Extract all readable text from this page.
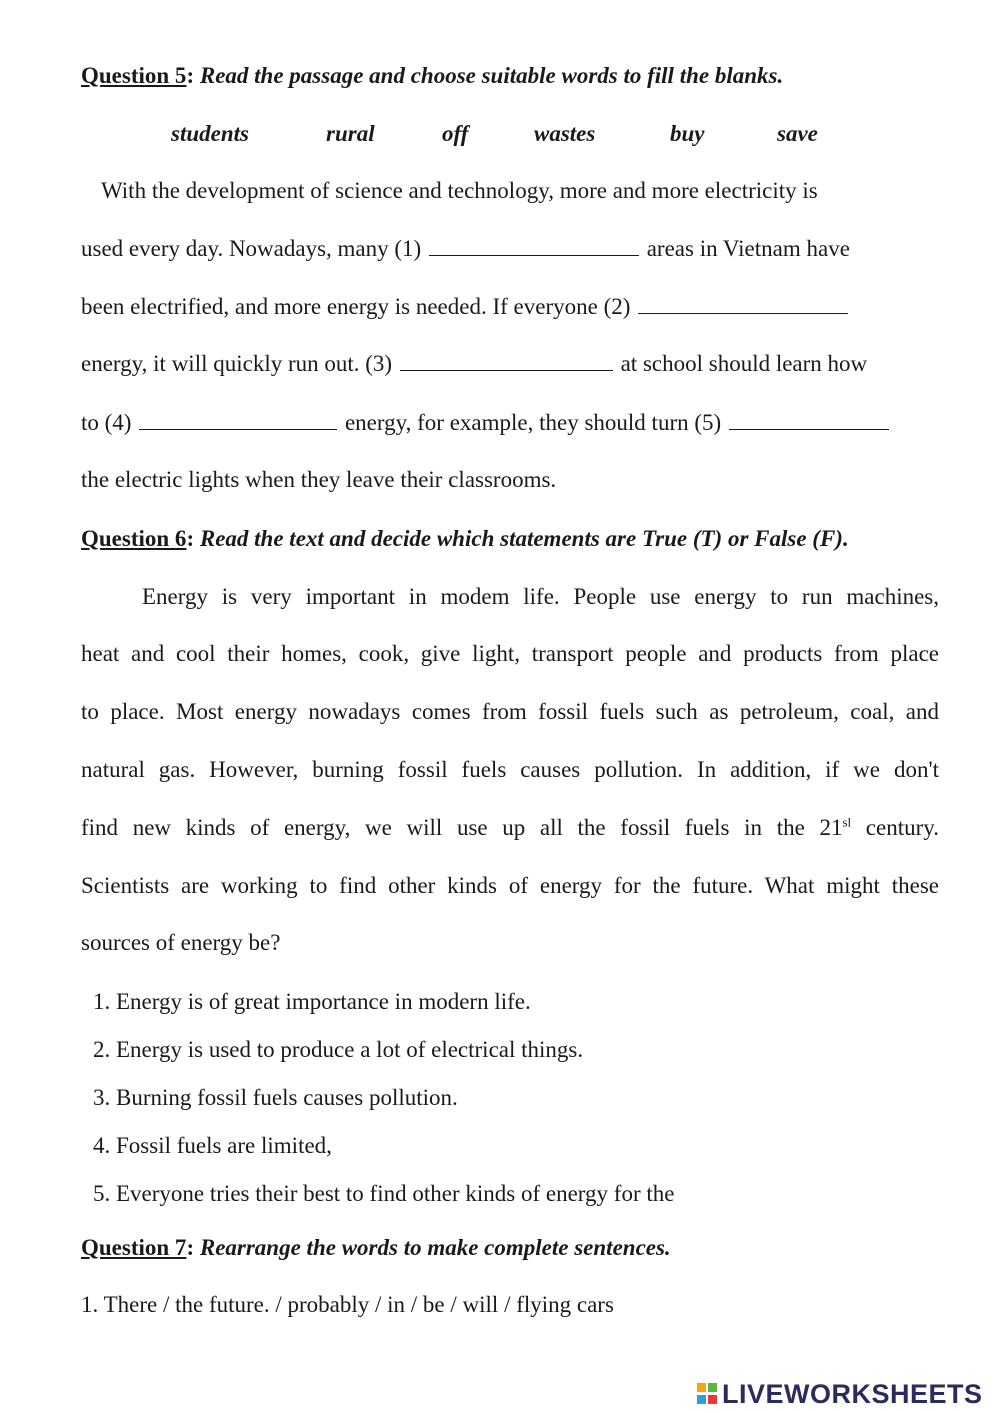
Question 5: Read the passage and choose suitable words to fill the blanks.
students	rural	off	wastes	buy	save
With the development of science and technology, more and more electricity is
used every day. Nowadays, many (1)	areas in Vietnam have
been electrified, and more energy is needed. If everyone (2)
energy, it will quickly run out. (3)	at school should learn how
to (4)	energy, for example, they should turn (5)
the electric lights when they leave their classrooms.
Question 6: Read the text and decide which statements are True (T) or False (F).
Energy is very important in modem life. People use energy to run machines,
heat and cool their homes, cook, give light, transport people and products from place
to place. Most energy nowadays comes from fossil fuels such as petroleum, coal, and
natural gas. However, burning fossil fuels causes pollution. In addition, if we don't
find new kinds of energy, we will use up all the fossil fuels in the $21^{sl}$ century.
Scientists are working to find other kinds of energy for the future. What might these
sources of energy be?
1. Energy is of great importance in modern life.
2. Energy is used to produce a lot of electrical things.
3. Burning fossil fuels causes pollution.
4. Fossil fuels are limited,
5. Everyone tries their best to find other kinds of energy for the
Question 7: Rearrange the words to make complete sentences.
1. There / the future. / probably / in / be / will / flying cars
LIVEWORKSHEETS
